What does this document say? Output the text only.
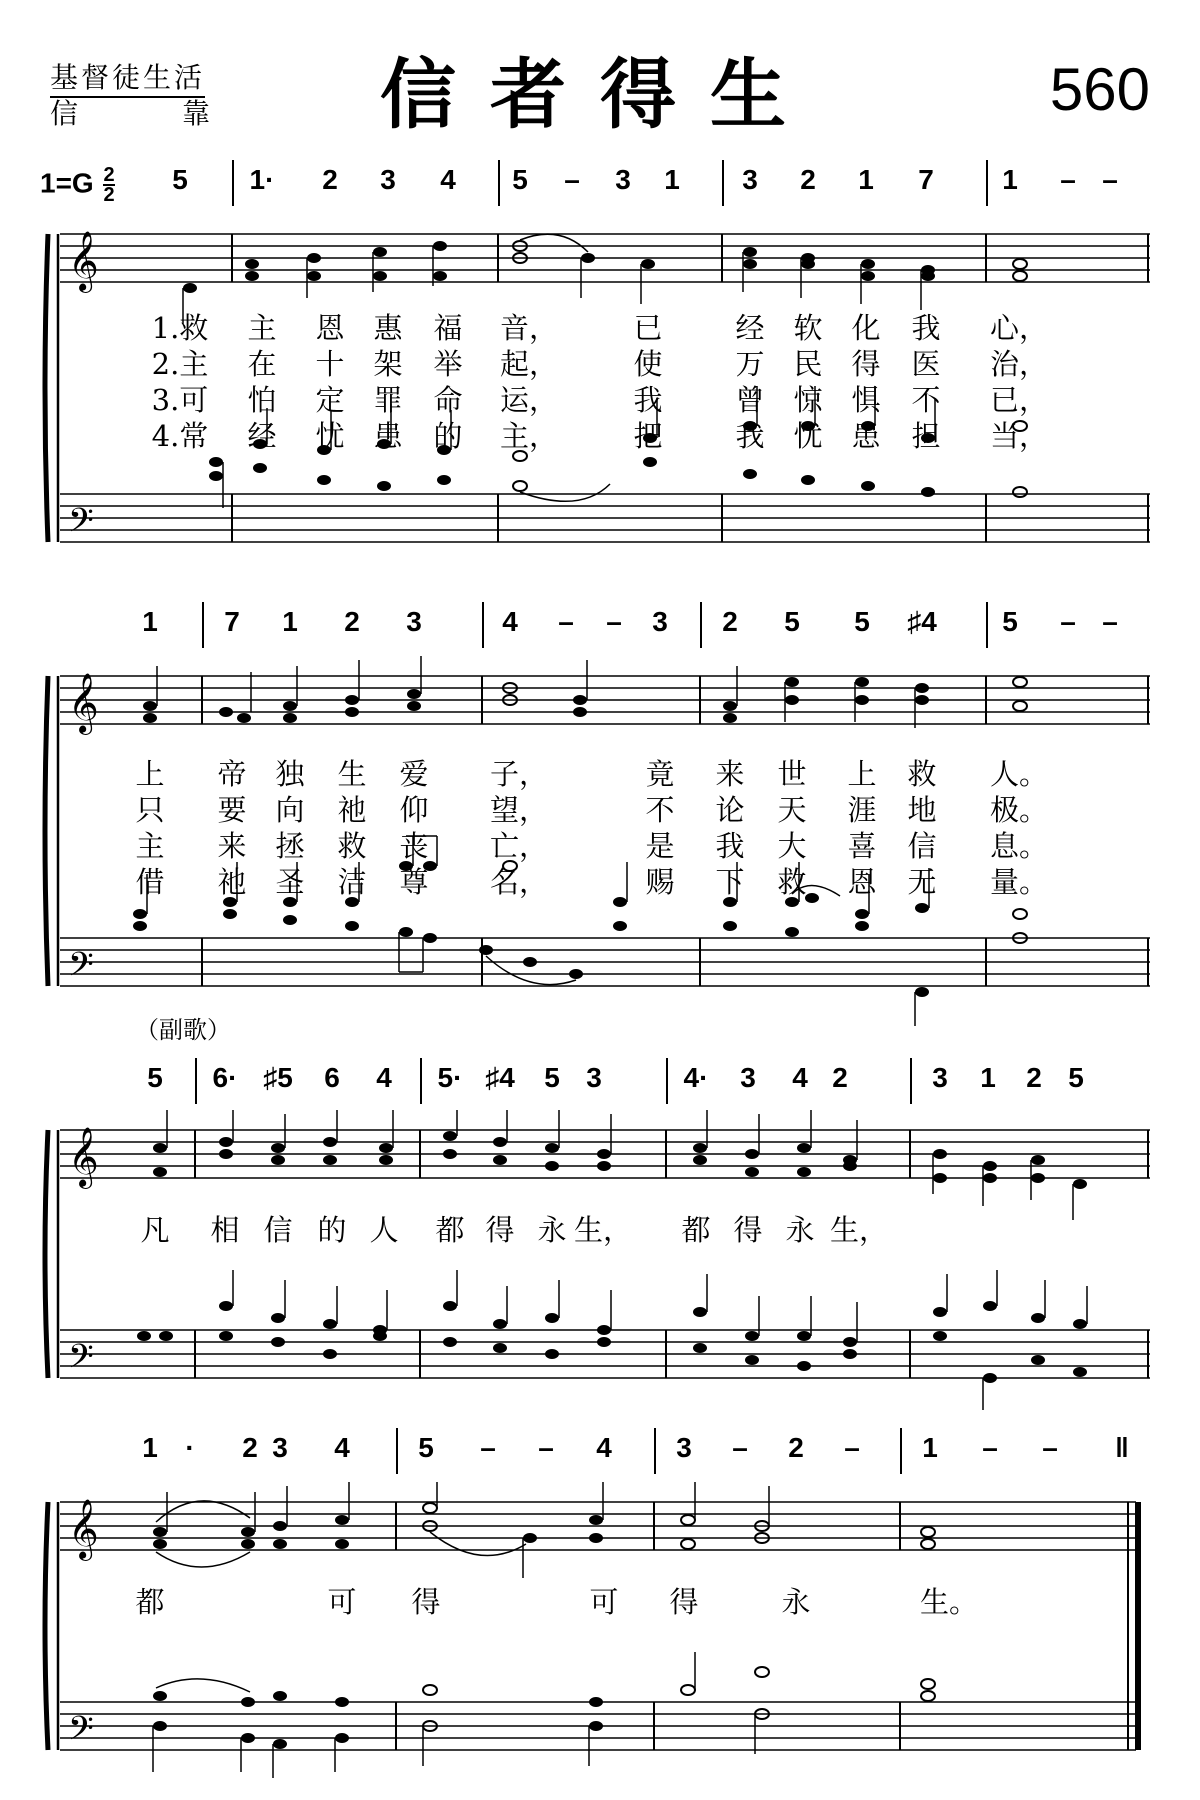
基督徒生活
信	靠 信者得生	560
$1=G \frac{2}{2}$
（副歌）
5	1·	2	3	4	5	–	3	1	3	2	1	7	1	– –
𝄞
𝄢
1.救 主 恩 惠 福 音，	已	经 软 化 我 心，
2.主 在 十 架 举 起，	使	万 民 得 医 治，
3.可 怕 定 罪 命 运，	我	曾 惊 惧 不 已，
4.常 经 忧 患 的 主，	把	我 忧 患 担 当，
1	7	1	2	3	4	–	–	3	2	5	5	♯4	5	– –
𝄞
𝄢
上 帝 独 生 爱 子，	竟 来 世 上 救 人。
只 要 向 祂 仰 望，	不 论 天 涯 地 极。
主 来 拯 救 丧 亡，	是 我 大 喜 信 息。
借 祂 圣 洁 尊 名，	赐 下 救 恩 无 量。
5	6· ♯5	6	4	5· ♯4	5 3	4·	3	4 2	3	1	2 5
𝄞
𝄢
凡 相 信 的 人 都 得 永 生， 都 得 永 生，
1 ·	2 3	4	5	–	–	4	3	–	2	–	1	–	–	‖
𝄞
𝄢
都	可 得	可 得	永	生。
